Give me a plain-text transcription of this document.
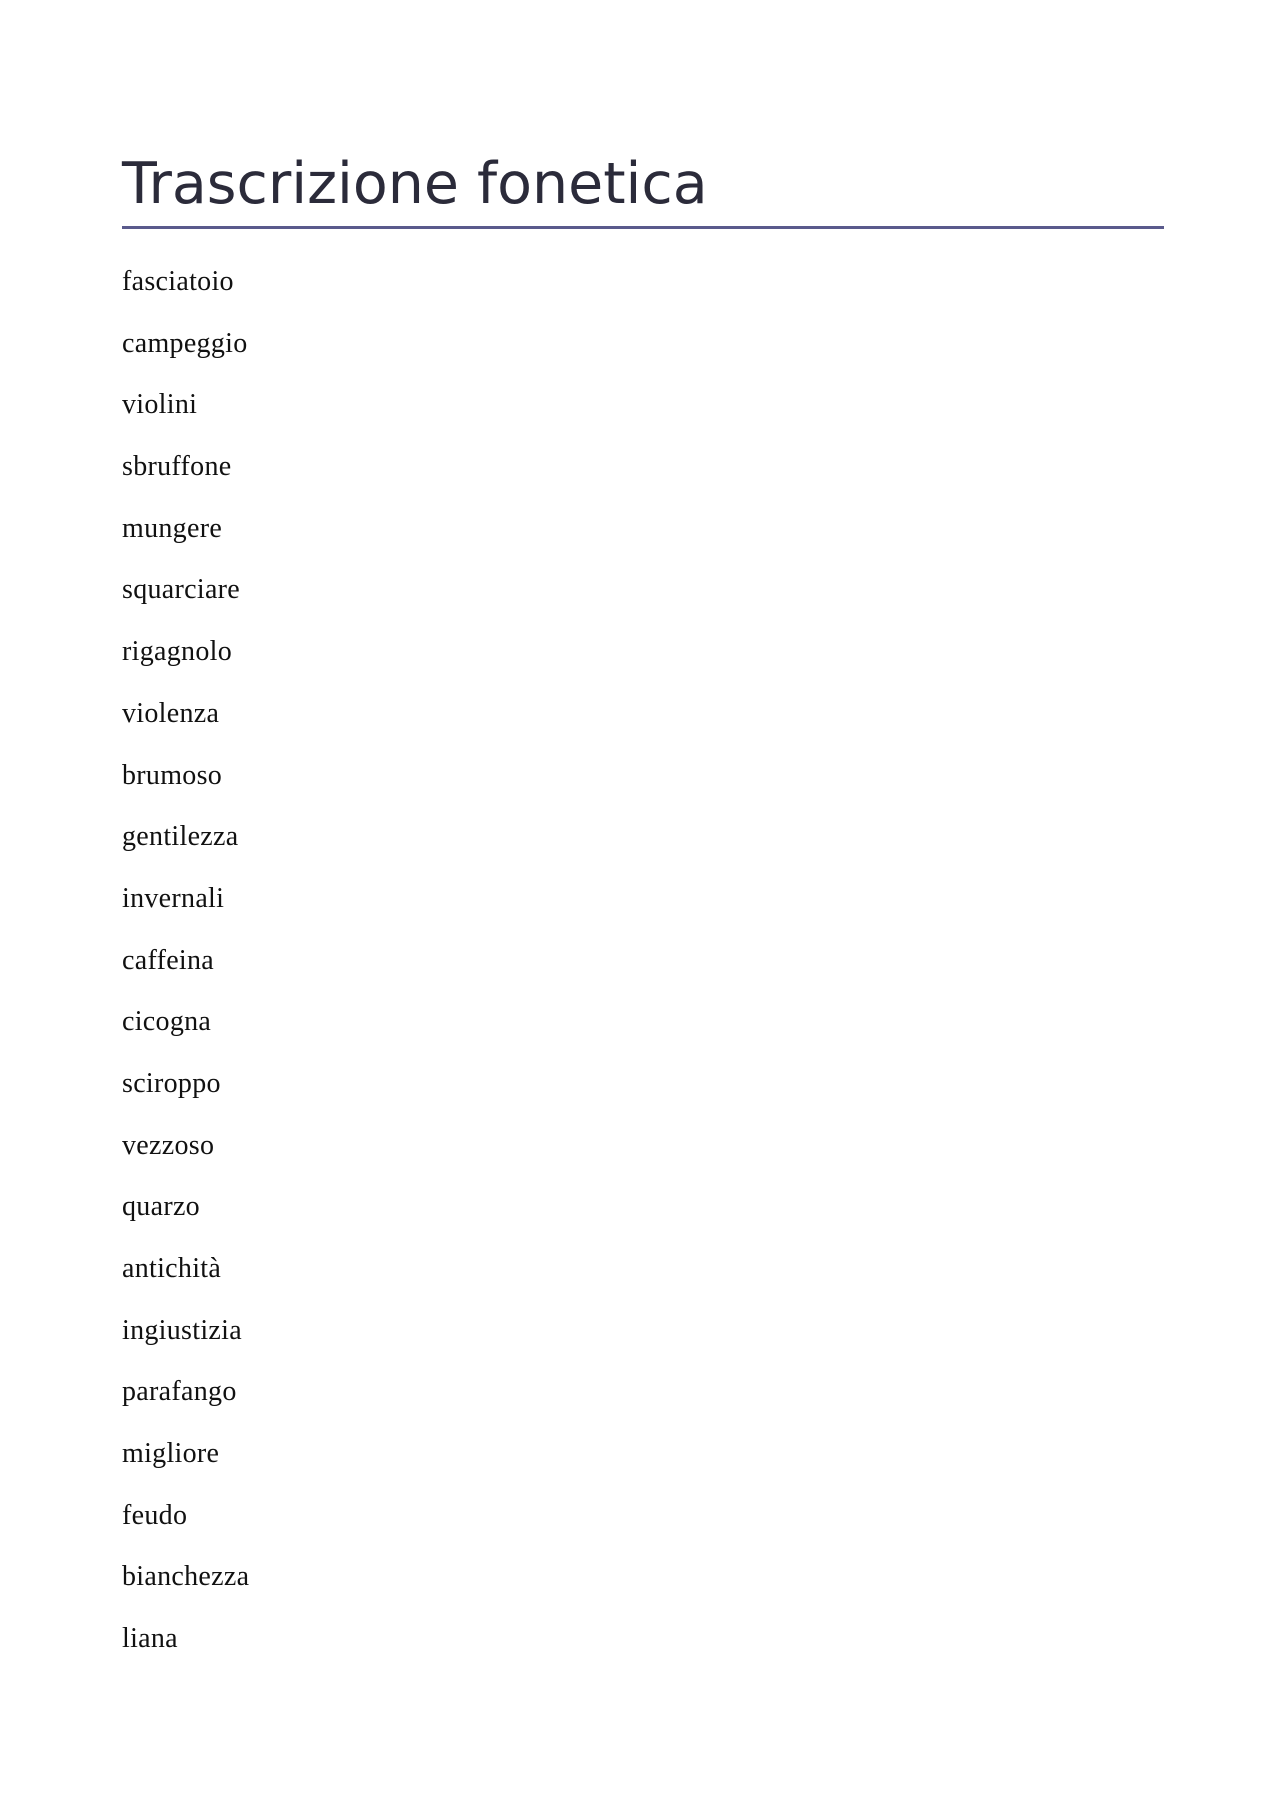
Trascrizione fonetica
fasciatoio
campeggio
violini
sbruffone
mungere
squarciare
rigagnolo
violenza
brumoso
gentilezza
invernali
caffeina
cicogna
sciroppo
vezzoso
quarzo
antichità
ingiustizia
parafango
migliore
feudo
bianchezza
liana
